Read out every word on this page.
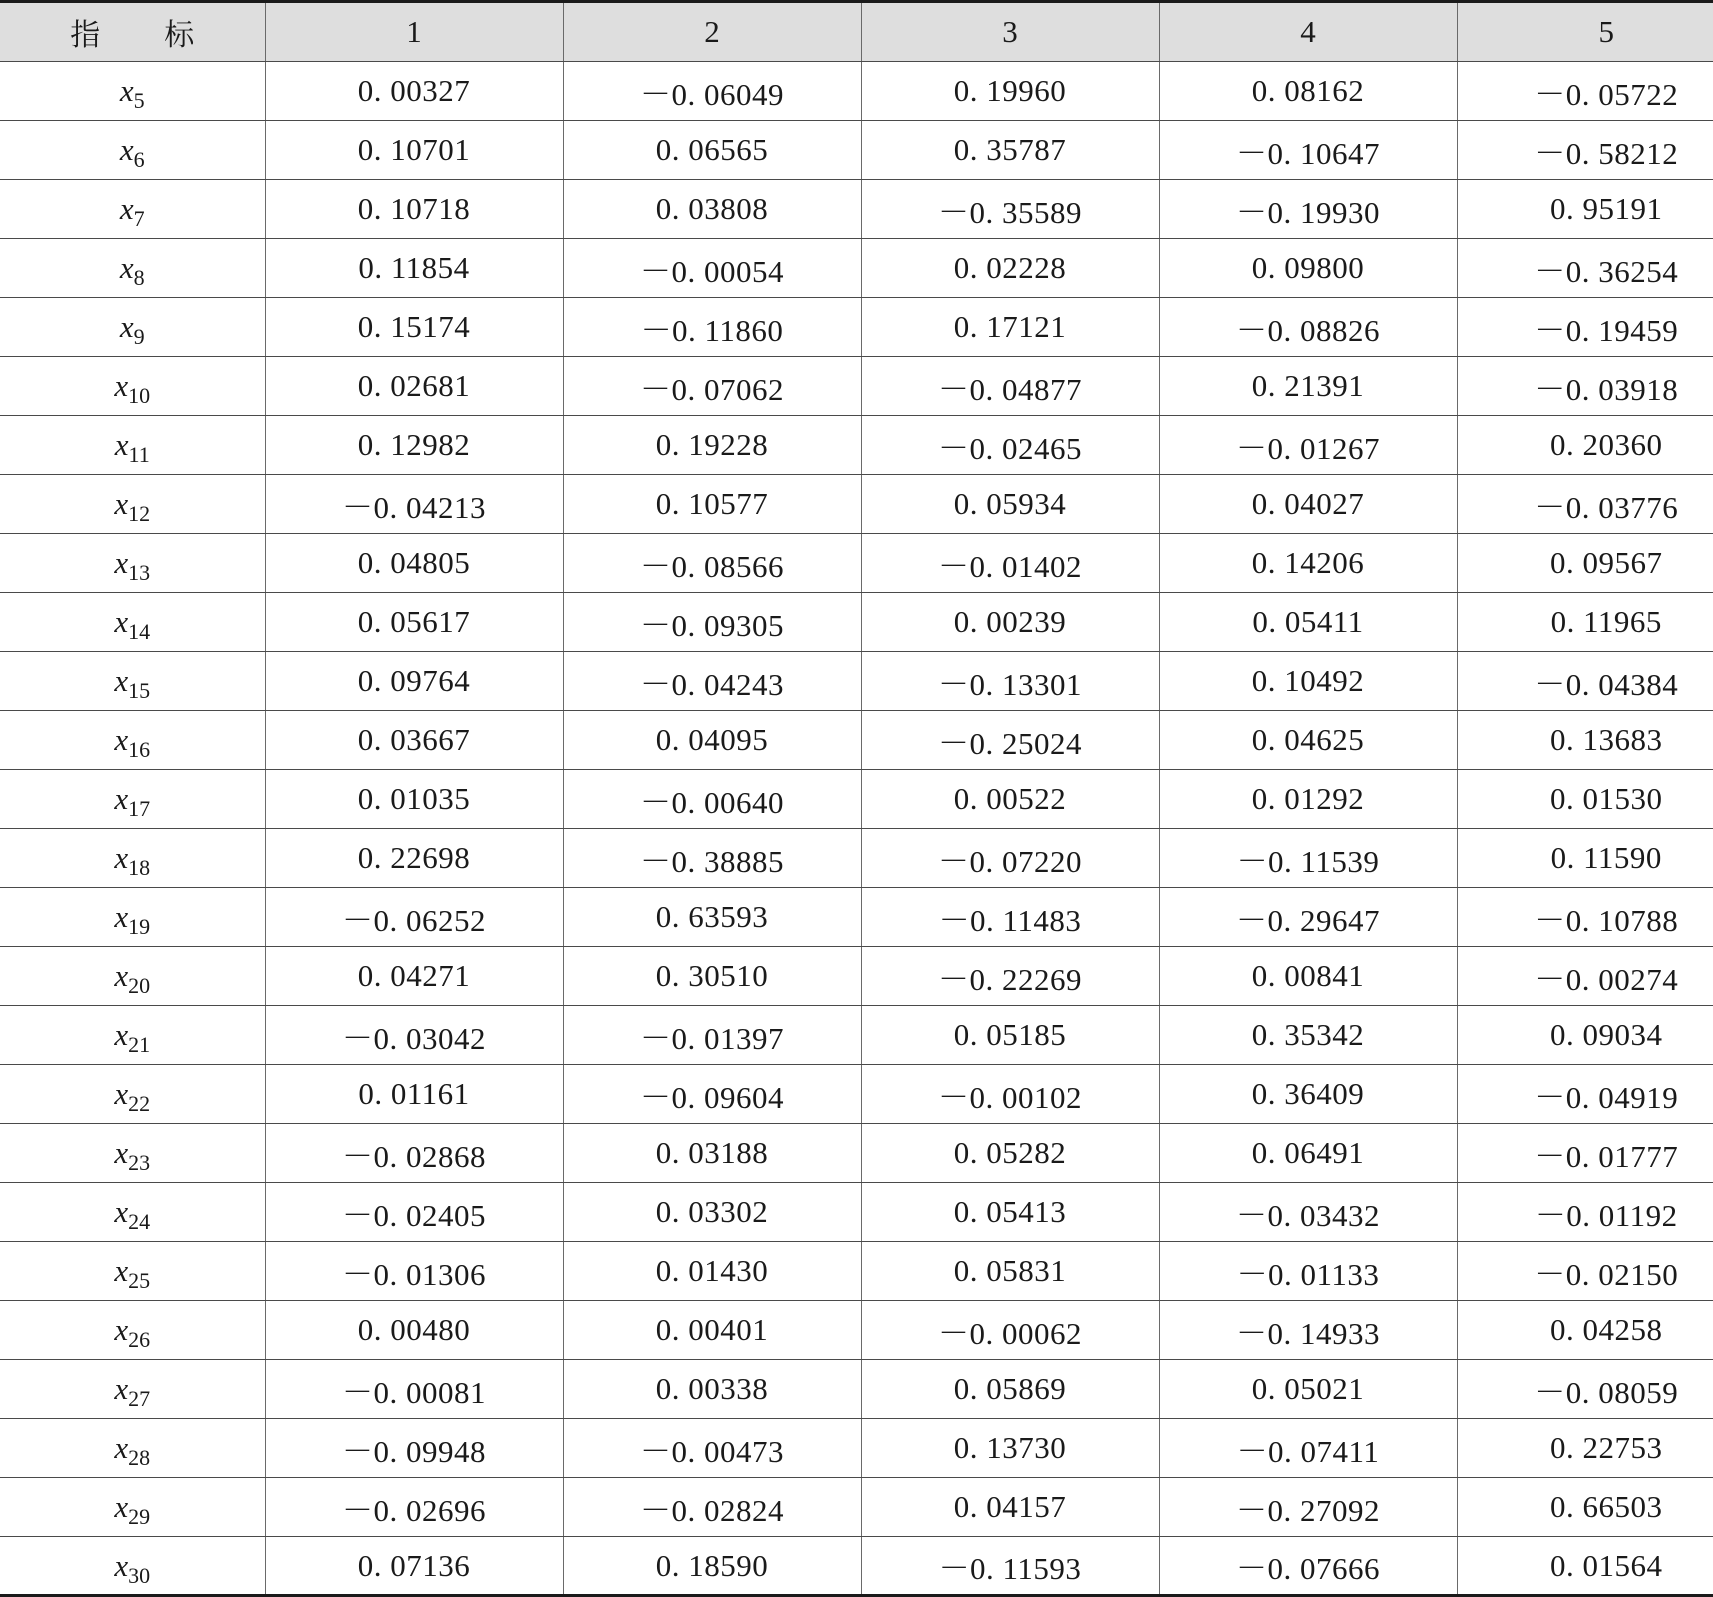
指 标	1	2	3	4	5
$x_5$	0. 00327	－0. 06049	0. 19960	0. 08162	－0. 05722
$x_6$	0. 10701	0. 06565	0. 35787	－0. 10647	－0. 58212
$x_7$	0. 10718	0. 03808	－0. 35589	－0. 19930	0. 95191
$x_8$	0. 11854	－0. 00054	0. 02228	0. 09800	－0. 36254
$x_9$	0. 15174	－0. 11860	0. 17121	－0. 08826	－0. 19459
$x_{10}$	0. 02681	－0. 07062	－0. 04877	0. 21391	－0. 03918
$x_{11}$	0. 12982	0. 19228	－0. 02465	－0. 01267	0. 20360
$x_{12}$	－0. 04213	0. 10577	0. 05934	0. 04027	－0. 03776
$x_{13}$	0. 04805	－0. 08566	－0. 01402	0. 14206	0. 09567
$x_{14}$	0. 05617	－0. 09305	0. 00239	0. 05411	0. 11965
$x_{15}$	0. 09764	－0. 04243	－0. 13301	0. 10492	－0. 04384
$x_{16}$	0. 03667	0. 04095	－0. 25024	0. 04625	0. 13683
$x_{17}$	0. 01035	－0. 00640	0. 00522	0. 01292	0. 01530
$x_{18}$	0. 22698	－0. 38885	－0. 07220	－0. 11539	0. 11590
$x_{19}$	－0. 06252	0. 63593	－0. 11483	－0. 29647	－0. 10788
$x_{20}$	0. 04271	0. 30510	－0. 22269	0. 00841	－0. 00274
$x_{21}$	－0. 03042	－0. 01397	0. 05185	0. 35342	0. 09034
$x_{22}$	0. 01161	－0. 09604	－0. 00102	0. 36409	－0. 04919
$x_{23}$	－0. 02868	0. 03188	0. 05282	0. 06491	－0. 01777
$x_{24}$	－0. 02405	0. 03302	0. 05413	－0. 03432	－0. 01192
$x_{25}$	－0. 01306	0. 01430	0. 05831	－0. 01133	－0. 02150
$x_{26}$	0. 00480	0. 00401	－0. 00062	－0. 14933	0. 04258
$x_{27}$	－0. 00081	0. 00338	0. 05869	0. 05021	－0. 08059
$x_{28}$	－0. 09948	－0. 00473	0. 13730	－0. 07411	0. 22753
$x_{29}$	－0. 02696	－0. 02824	0. 04157	－0. 27092	0. 66503
$x_{30}$	0. 07136	0. 18590	－0. 11593	－0. 07666	0. 01564
